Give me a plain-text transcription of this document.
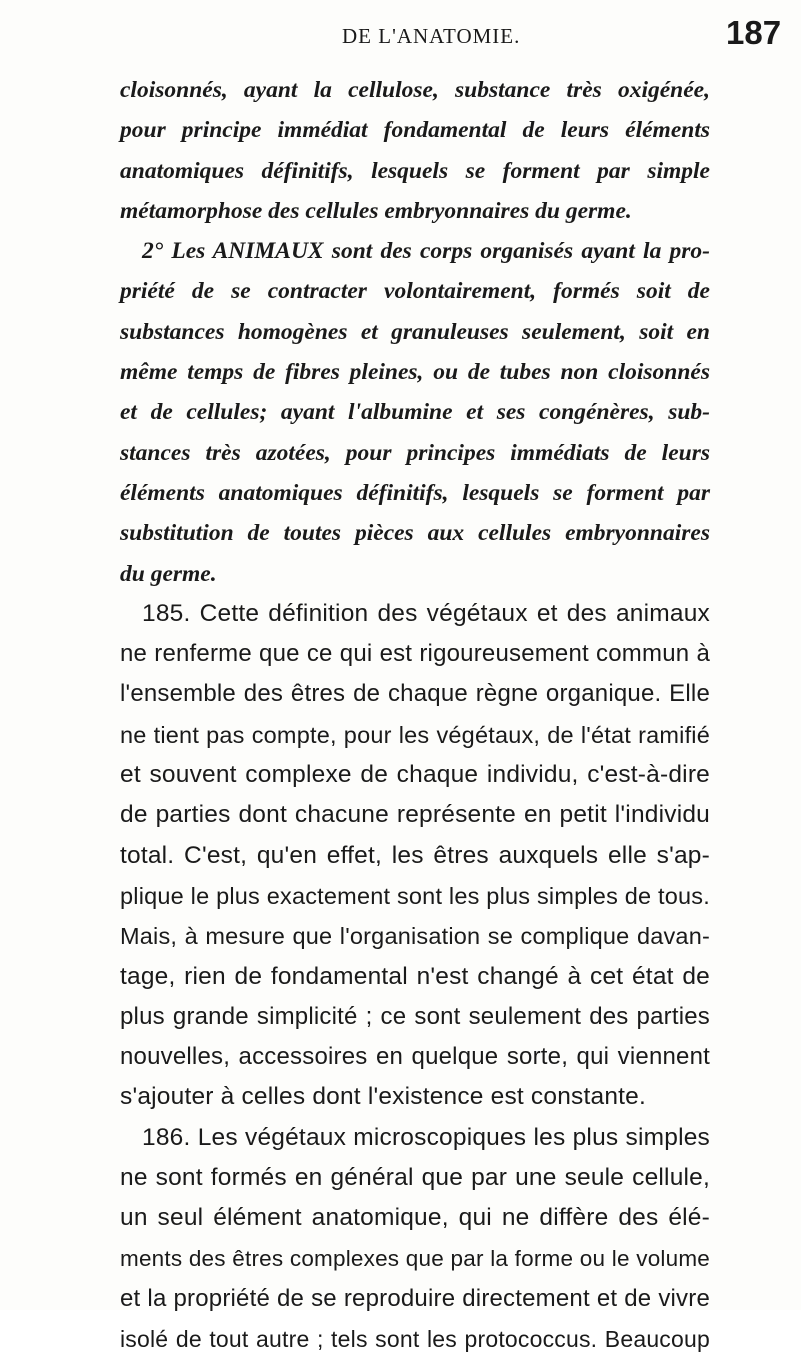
DE L'ANATOMIE.	187
cloisonnés, ayant la cellulose, substance très oxigénée,
pour principe immédiat fondamental de leurs éléments
anatomiques définitifs, lesquels se forment par simple
métamorphose des cellules embryonnaires du germe.
2° Les ANIMAUX sont des corps organisés ayant la pro-
priété de se contracter volontairement, formés soit de
substances homogènes et granuleuses seulement, soit en
même temps de fibres pleines, ou de tubes non cloisonnés
et de cellules; ayant l'albumine et ses congénères, sub-
stances très azotées, pour principes immédiats de leurs
éléments anatomiques définitifs, lesquels se forment par
substitution de toutes pièces aux cellules embryonnaires
du germe.
185. Cette définition des végétaux et des animaux
ne renferme que ce qui est rigoureusement commun à
l'ensemble des êtres de chaque règne organique. Elle
ne tient pas compte, pour les végétaux, de l'état ramifié
et souvent complexe de chaque individu, c'est-à-dire
de parties dont chacune représente en petit l'individu
total. C'est, qu'en effet, les êtres auxquels elle s'ap-
plique le plus exactement sont les plus simples de tous.
Mais, à mesure que l'organisation se complique davan-
tage, rien de fondamental n'est changé à cet état de
plus grande simplicité ; ce sont seulement des parties
nouvelles, accessoires en quelque sorte, qui viennent
s'ajouter à celles dont l'existence est constante.
186. Les végétaux microscopiques les plus simples
ne sont formés en général que par une seule cellule,
un seul élément anatomique, qui ne diffère des élé-
ments des êtres complexes que par la forme ou le volume
et la propriété de se reproduire directement et de vivre
isolé de tout autre ; tels sont les protococcus. Beaucoup
